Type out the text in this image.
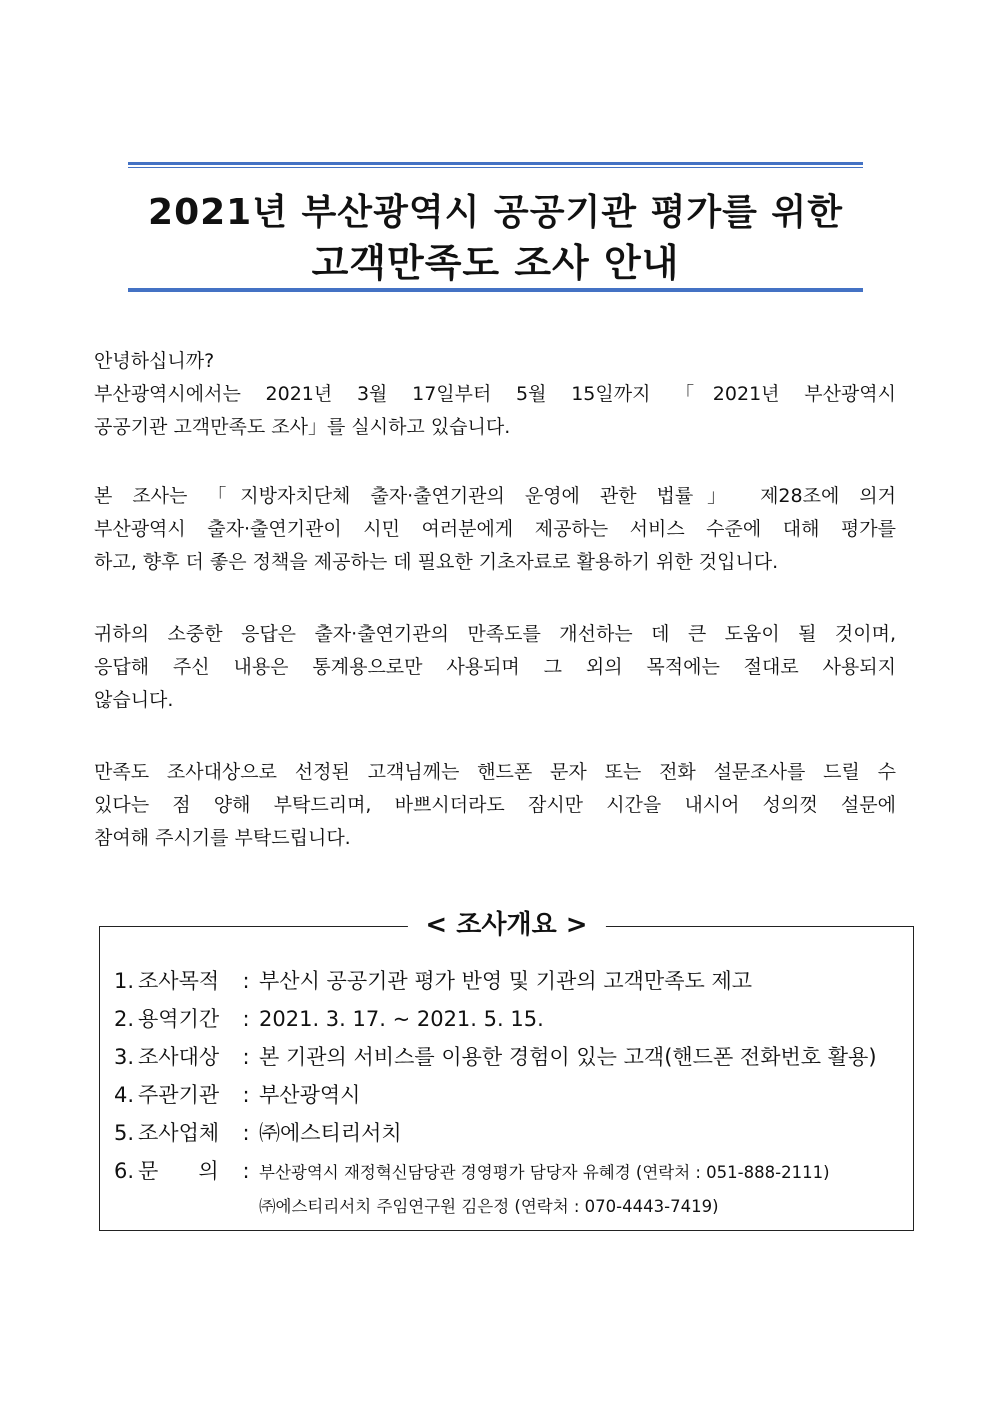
2021년 부산광역시 공공기관 평가를 위한
고객만족도 조사 안내
안녕하십니까?
부산광역시에서는 2021년 3월 17일부터 5월 15일까지 「2021년 부산광역시
공공기관 고객만족도 조사」를 실시하고 있습니다.
본 조사는 「지방자치단체 출자·출연기관의 운영에 관한 법률」 제28조에 의거
부산광역시 출자·출연기관이 시민 여러분에게 제공하는 서비스 수준에 대해 평가를
하고, 향후 더 좋은 정책을 제공하는 데 필요한 기초자료로 활용하기 위한 것입니다.
귀하의 소중한 응답은 출자·출연기관의 만족도를 개선하는 데 큰 도움이 될 것이며,
응답해 주신 내용은 통계용으로만 사용되며 그 외의 목적에는 절대로 사용되지
않습니다.
만족도 조사대상으로 선정된 고객님께는 핸드폰 문자 또는 전화 설문조사를 드릴 수
있다는 점 양해 부탁드리며, 바쁘시더라도 잠시만 시간을 내시어 성의껏 설문에
참여해 주시기를 부탁드립니다.
< 조사개요 >
1. 조사목적	: 부산시 공공기관 평가 반영 및 기관의 고객만족도 제고
2. 용역기간	: 2021. 3. 17. ~ 2021. 5. 15.
3. 조사대상	: 본 기관의 서비스를 이용한 경험이 있는 고객(핸드폰 전화번호 활용)
4. 주관기관	: 부산광역시
5. 조사업체	: ㈜에스티리서치
6. 문      의	: 부산광역시 재정혁신담당관 경영평가 담당자 유혜경 (연락처 : 051-888-2111)
㈜에스티리서치 주임연구원 김은정 (연락처 : 070-4443-7419)
